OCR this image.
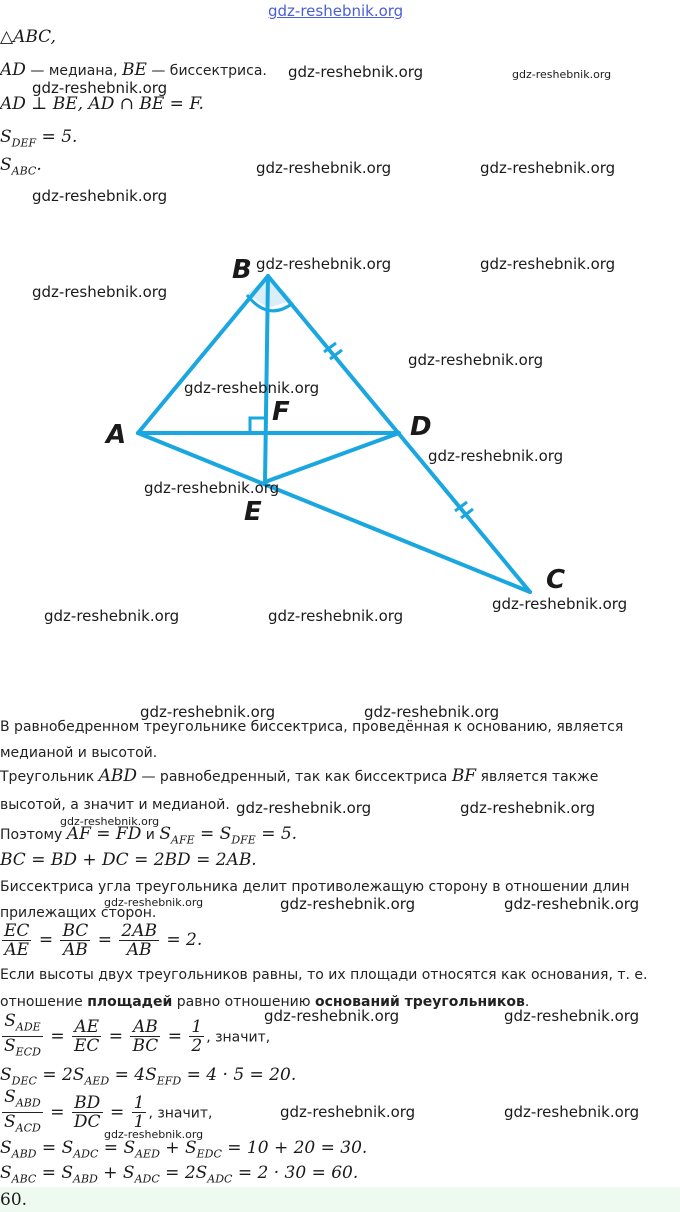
gdz-reshebnik.org
△ABC,
AD — медиана, BE — биссектриса.
AD ⊥ BE, AD ∩ BE = F.
$S_{DEF} = 5$.
$S_{ABC}$.
B
A
F	D
E
C
В равнобедренном треугольнике биссектриса, проведённая к основанию, является
медианой и высотой.
Треугольник ABD — равнобедренный, так как биссектриса BF является также
высотой, а значит и медианой.
Поэтому AF = FD и $S_{AFE} = S_{DFE} = 5$.
BC = BD + DC = 2BD = 2AB.
Биссектриса угла треугольника делит противолежащую сторону в отношении длин
прилежащих сторон.
$\frac{EC}{AE} = \frac{BC}{AB} = \frac{2AB}{AB} = 2$.
Если высоты двух треугольников равны, то их площади относятся как основания, т. е.
отношение площадей равно отношению оснований треугольников.
$\frac{S_{ADE}}{S_{ECD}} = \frac{AE}{EC} = \frac{AB}{BC} = \frac{1}{2}$ , значит,
$S_{DEC} = 2S_{AED} = 4S_{EFD} = 4 \cdot 5 = 20$.
$\frac{S_{ABD}}{S_{ACD}} = \frac{BD}{DC} = \frac{1}{1}$ , значит,
$S_{ABD} = S_{ADC} = S_{AED} + S_{EDC} = 10 + 20 = 30$.
$S_{ABC} = S_{ABD} + S_{ADC} = 2S_{ADC} = 2 \cdot 30 = 60$.
60.
gdz-reshebnik.org	gdz-reshebnik.org
gdz-reshebnik.org
gdz-reshebnik.org	gdz-reshebnik.org
gdz-reshebnik.org
gdz-reshebnik.org	gdz-reshebnik.org
gdz-reshebnik.org
gdz-reshebnik.org
gdz-reshebnik.org
gdz-reshebnik.org
gdz-reshebnik.org
gdz-reshebnik.org
gdz-reshebnik.org	gdz-reshebnik.org
gdz-reshebnik.org	gdz-reshebnik.org
gdz-reshebnik.org	gdz-reshebnik.org
gdz-reshebnik.org
gdz-reshebnik.org	gdz-reshebnik.org	gdz-reshebnik.org
gdz-reshebnik.org	gdz-reshebnik.org
gdz-reshebnik.org	gdz-reshebnik.org
gdz-reshebnik.org
